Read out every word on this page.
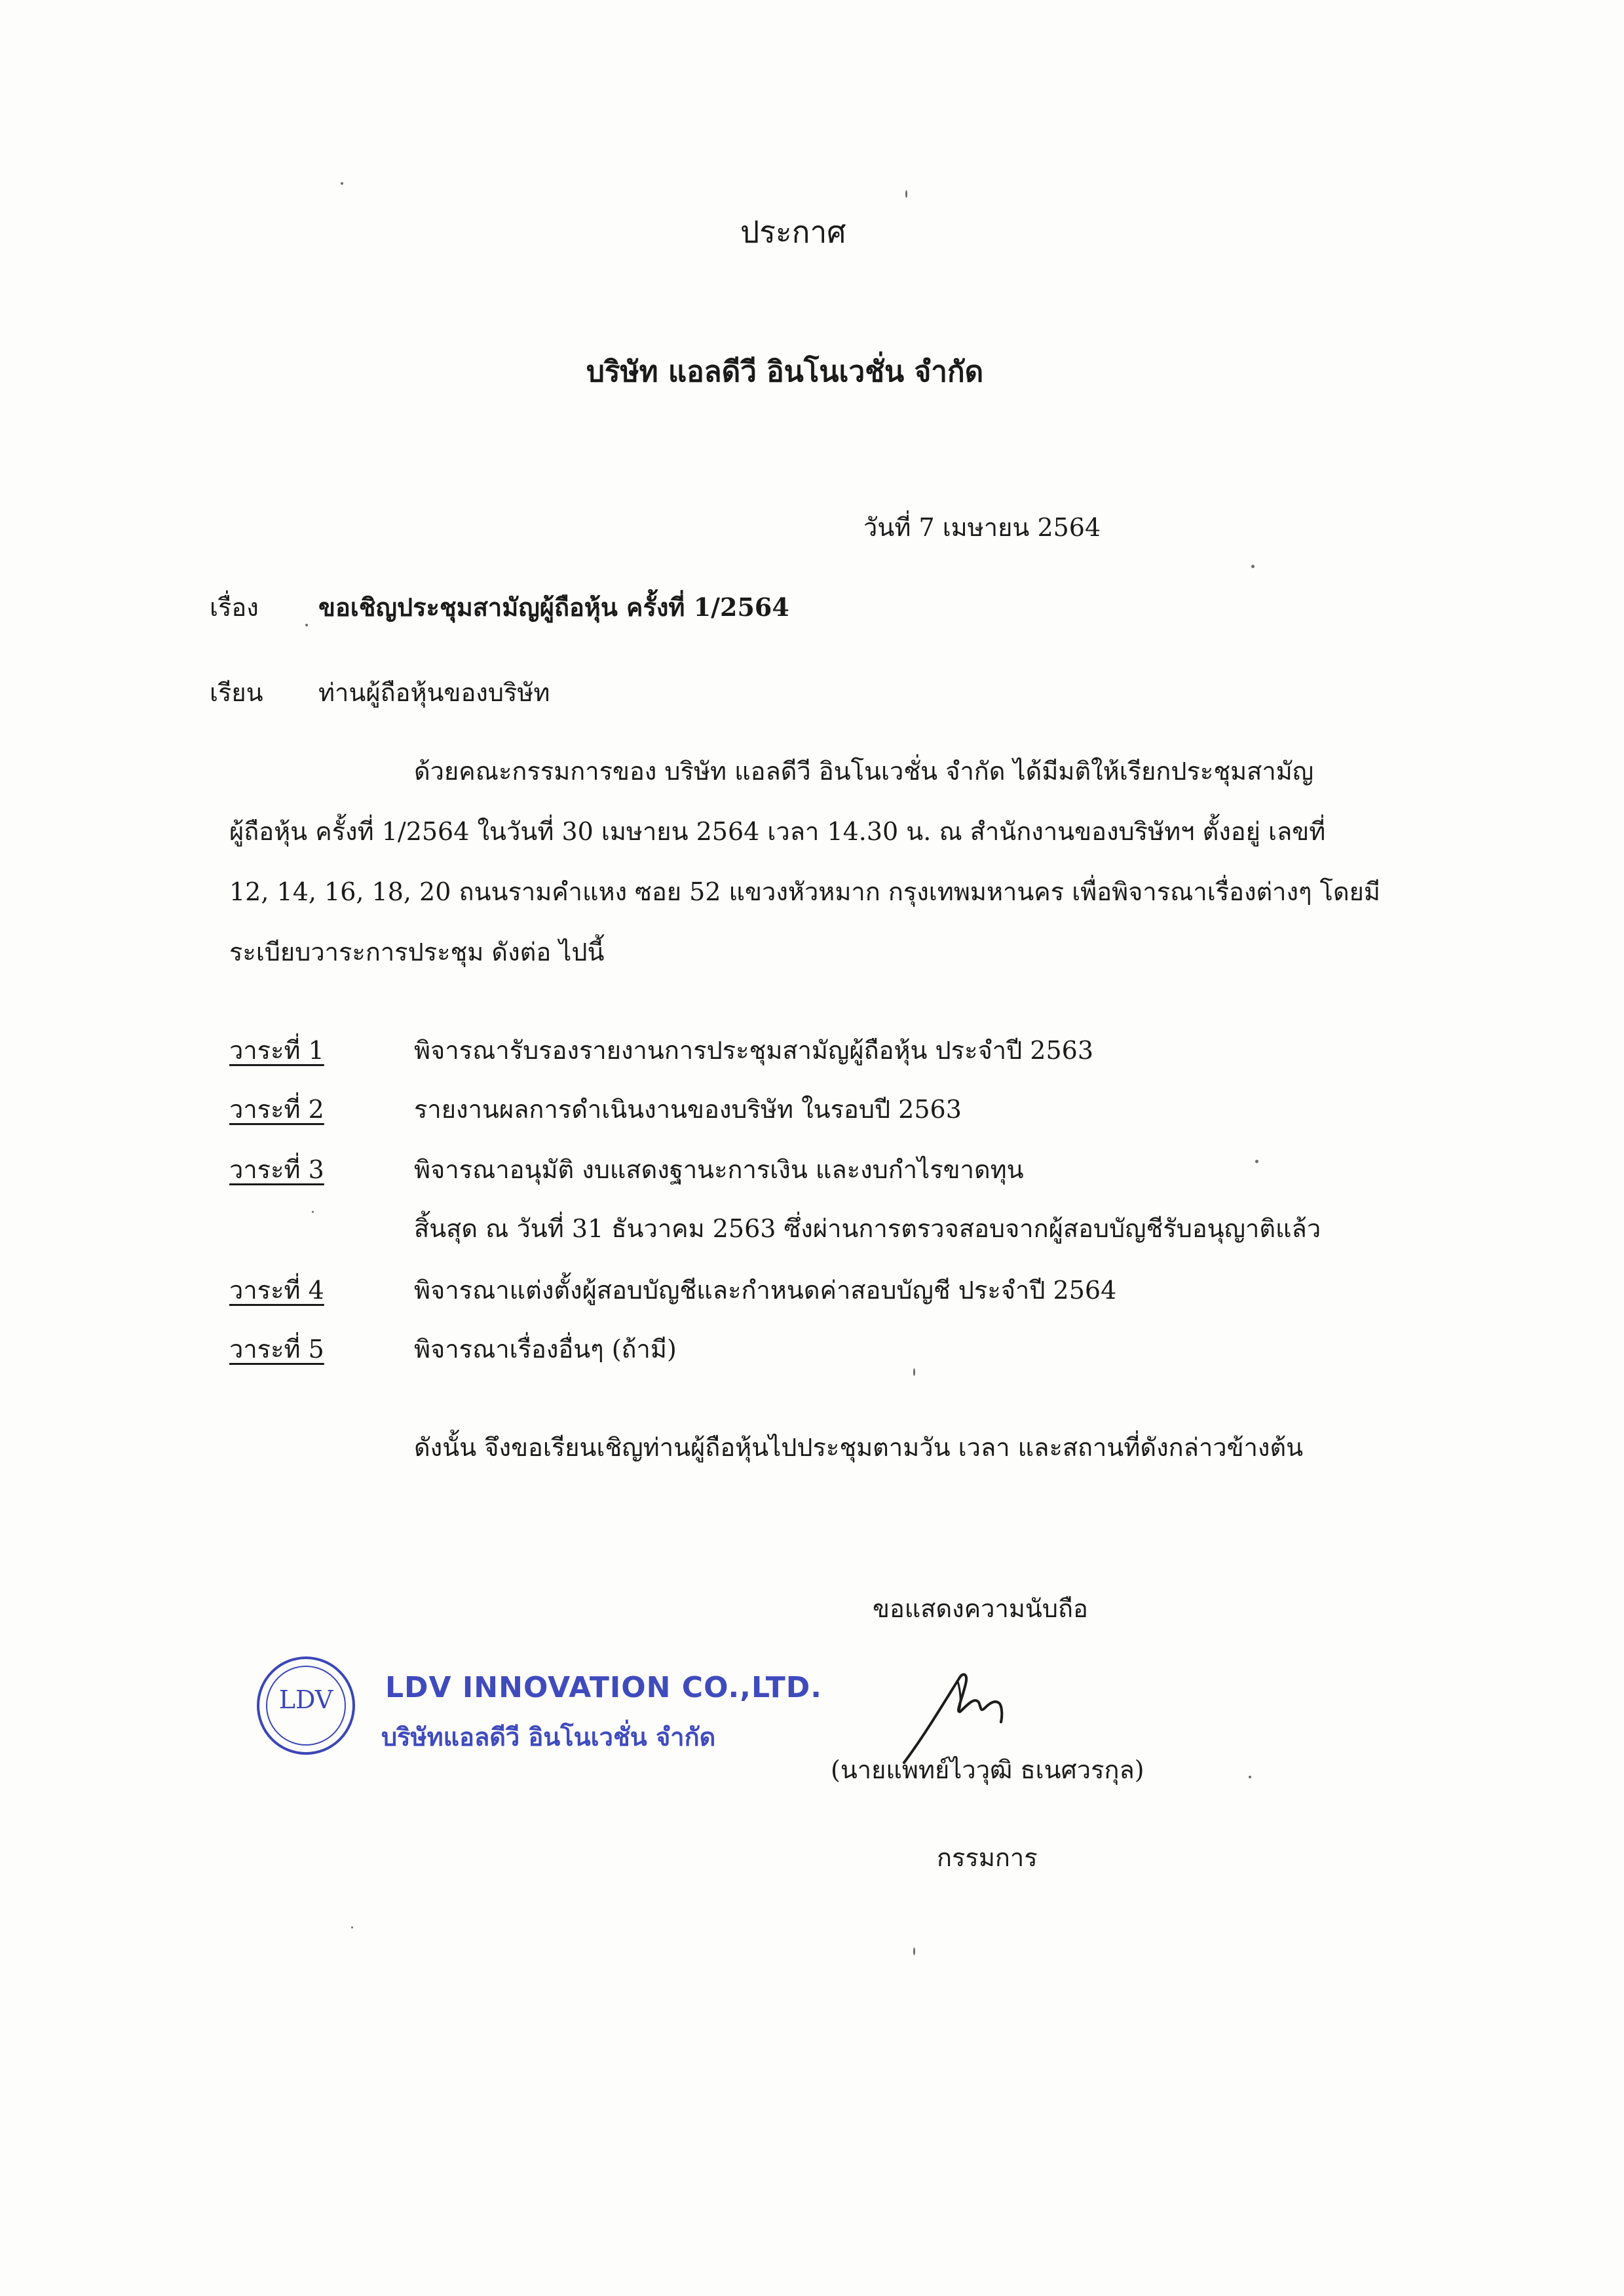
ประกาศ
บริษัท แอลดีวี อินโนเวชั่น จำกัด
วันที่ 7 เมษายน 2564
เรื่อง ขอเชิญประชุมสามัญผู้ถือหุ้น ครั้งที่ 1/2564
เรียน ท่านผู้ถือหุ้นของบริษัท
ด้วยคณะกรรมการของ บริษัท แอลดีวี อินโนเวชั่น จำกัด ได้มีมติให้เรียกประชุมสามัญ
ผู้ถือหุ้น ครั้งที่ 1/2564 ในวันที่ 30 เมษายน 2564 เวลา 14.30 น. ณ สำนักงานของบริษัทฯ ตั้งอยู่ เลขที่
12, 14, 16, 18, 20 ถนนรามคำแหง ซอย 52 แขวงหัวหมาก กรุงเทพมหานคร เพื่อพิจารณาเรื่องต่างๆ โดยมี
ระเบียบวาระการประชุม ดังต่อ ไปนี้
วาระที่ 1	พิจารณารับรองรายงานการประชุมสามัญผู้ถือหุ้น ประจำปี 2563
วาระที่ 2	รายงานผลการดำเนินงานของบริษัท ในรอบปี 2563
วาระที่ 3	พิจารณาอนุมัติ งบแสดงฐานะการเงิน และงบกำไรขาดทุน
สิ้นสุด ณ วันที่ 31 ธันวาคม 2563 ซึ่งผ่านการตรวจสอบจากผู้สอบบัญชีรับอนุญาติแล้ว
วาระที่ 4	พิจารณาแต่งตั้งผู้สอบบัญชีและกำหนดค่าสอบบัญชี ประจำปี 2564
วาระที่ 5	พิจารณาเรื่องอื่นๆ (ถ้ามี)
ดังนั้น จึงขอเรียนเชิญท่านผู้ถือหุ้นไปประชุมตามวัน เวลา และสถานที่ดังกล่าวข้างต้น
ขอแสดงความนับถือ
LDV	LDV INNOVATION CO.,LTD.
บริษัทแอลดีวี อินโนเวชั่น จำกัด
(นายแพทย์ไววุฒิ ธเนศวรกุล)
กรรมการ
